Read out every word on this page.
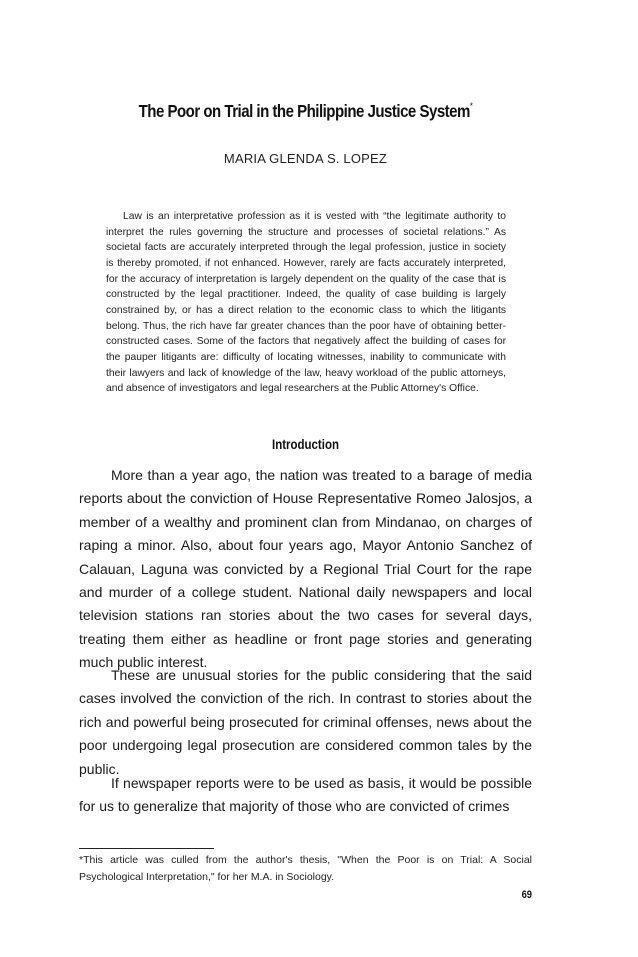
The Poor on Trial in the Philippine Justice System*
MARIA GLENDA S. LOPEZ

Law is an interpretative profession as it is vested with “the legitimate authority to interpret the rules governing the structure and processes of societal relations.” As societal facts are accurately interpreted through the legal profession, justice in society is thereby promoted, if not enhanced. However, rarely are facts accurately interpreted, for the accuracy of interpretation is largely dependent on the quality of the case that is constructed by the legal practitioner. Indeed, the quality of case building is largely constrained by, or has a direct relation to the economic class to which the litigants belong. Thus, the rich have far greater chances than the poor have of obtaining better-constructed cases. Some of the factors that negatively affect the building of cases for the pauper litigants are: difficulty of locating witnesses, inability to communicate with their lawyers and lack of knowledge of the law, heavy workload of the public attorneys, and absence of investigators and legal researchers at the Public Attorney's Office.

Introduction

More than a year ago, the nation was treated to a barage of media reports about the conviction of House Representative Romeo Jalosjos, a member of a wealthy and prominent clan from Mindanao, on charges of raping a minor. Also, about four years ago, Mayor Antonio Sanchez of Calauan, Laguna was convicted by a Regional Trial Court for the rape and murder of a college student. National daily newspapers and local television stations ran stories about the two cases for several days, treating them either as headline or front page stories and generating much public interest.

These are unusual stories for the public considering that the said cases involved the conviction of the rich. In contrast to stories about the rich and powerful being prosecuted for criminal offenses, news about the poor undergoing legal prosecution are considered common tales by the public.

If newspaper reports were to be used as basis, it would be possible for us to generalize that majority of those who are convicted of crimes

*This article was culled from the author's thesis, "When the Poor is on Trial: A Social Psychological Interpretation," for her M.A. in Sociology.

69
